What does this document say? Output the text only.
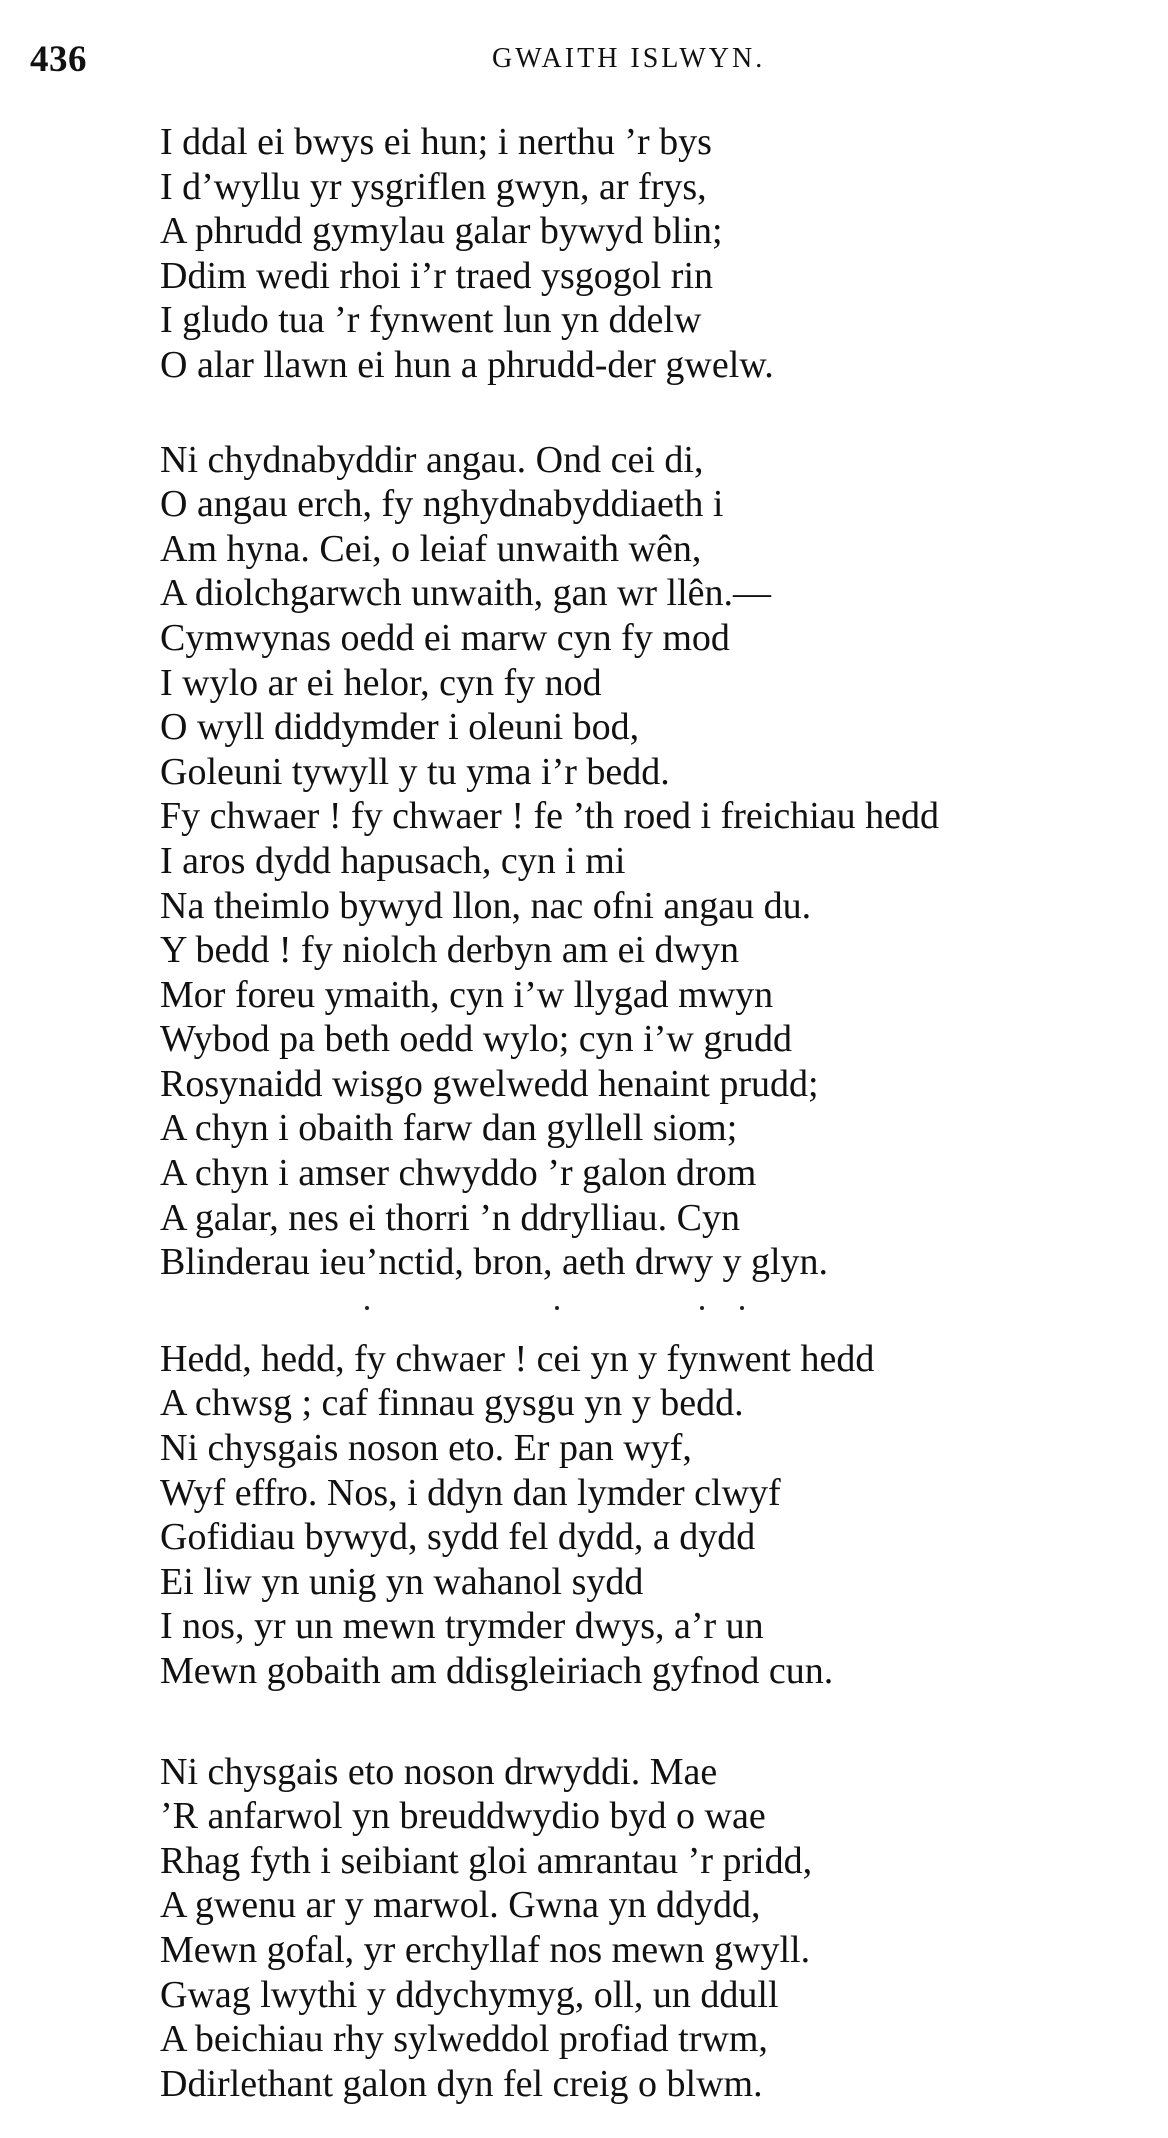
436	GWAITH ISLWYN.
I ddal ei bwys ei hun; i nerthu ’r bys
I d’wyllu yr ysgriflen gwyn, ar frys,
A phrudd gymylau galar bywyd blin;
Ddim wedi rhoi i’r traed ysgogol rin
I gludo tua ’r fynwent lun yn ddelw
O alar llawn ei hun a phrudd-der gwelw.
Ni chydnabyddir angau. Ond cei di,
O angau erch, fy nghydnabyddiaeth i
Am hyna. Cei, o leiaf unwaith wên,
A diolchgarwch unwaith, gan wr llên.—
Cymwynas oedd ei marw cyn fy mod
I wylo ar ei helor, cyn fy nod
O wyll diddymder i oleuni bod,
Goleuni tywyll y tu yma i’r bedd.
Fy chwaer ! fy chwaer ! fe ’th roed i freichiau hedd
I aros dydd hapusach, cyn i mi
Na theimlo bywyd llon, nac ofni angau du.
Y bedd ! fy niolch derbyn am ei dwyn
Mor foreu ymaith, cyn i’w llygad mwyn
Wybod pa beth oedd wylo; cyn i’w grudd
Rosynaidd wisgo gwelwedd henaint prudd;
A chyn i obaith farw dan gyllell siom;
A chyn i amser chwyddo ’r galon drom
A galar, nes ei thorri ’n ddrylliau. Cyn
Blinderau ieu’nctid, bron, aeth drwy y glyn.
Hedd, hedd, fy chwaer ! cei yn y fynwent hedd
A chwsg ; caf finnau gysgu yn y bedd.
Ni chysgais noson eto. Er pan wyf,
Wyf effro. Nos, i ddyn dan lymder clwyf
Gofidiau bywyd, sydd fel dydd, a dydd
Ei liw yn unig yn wahanol sydd
I nos, yr un mewn trymder dwys, a’r un
Mewn gobaith am ddisgleiriach gyfnod cun.
Ni chysgais eto noson drwyddi. Mae
’R anfarwol yn breuddwydio byd o wae
Rhag fyth i seibiant gloi amrantau ’r pridd,
A gwenu ar y marwol. Gwna yn ddydd,
Mewn gofal, yr erchyllaf nos mewn gwyll.
Gwag lwythi y ddychymyg, oll, un ddull
A beichiau rhy sylweddol profiad trwm,
Ddirlethant galon dyn fel creig o blwm.
